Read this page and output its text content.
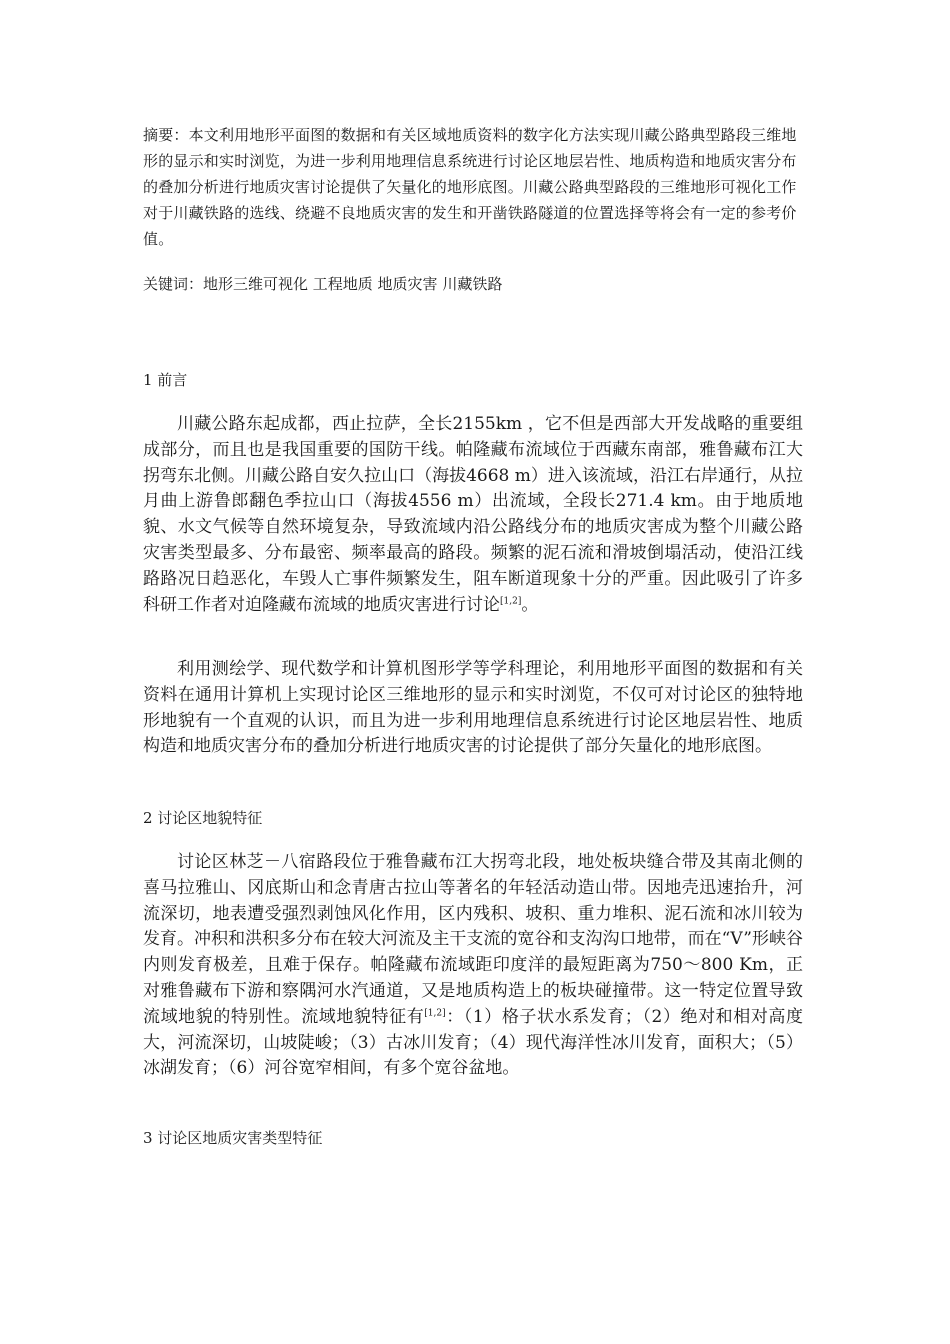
摘要：本文利用地形平面图的数据和有关区域地质资料的数字化方法实现川藏公路典型路段三维地形的显示和实时浏览，为进一步利用地理信息系统进行讨论区地层岩性、地质构造和地质灾害分布的叠加分析进行地质灾害讨论提供了矢量化的地形底图。川藏公路典型路段的三维地形可视化工作对于川藏铁路的选线、绕避不良地质灾害的发生和开凿铁路隧道的位置选择等将会有一定的参考价值。

关键词：地形三维可视化 工程地质 地质灾害 川藏铁路

1 前言

川藏公路东起成都，西止拉萨，全长2155km ，它不但是西部大开发战略的重要组成部分，而且也是我国重要的国防干线。帕隆藏布流域位于西藏东南部，雅鲁藏布江大拐弯东北侧。川藏公路自安久拉山口（海拔4668 m）进入该流域，沿江右岸通行，从拉月曲上游鲁郎翻色季拉山口（海拔4556 m）出流域，全段长271.4 km。由于地质地貌、水文气候等自然环境复杂，导致流域内沿公路线分布的地质灾害成为整个川藏公路灾害类型最多、分布最密、频率最高的路段。频繁的泥石流和滑坡倒塌活动，使沿江线路路况日趋恶化，车毁人亡事件频繁发生，阻车断道现象十分的严重。因此吸引了许多科研工作者对迫隆藏布流域的地质灾害进行讨论[1,2]。

利用测绘学、现代数学和计算机图形学等学科理论，利用地形平面图的数据和有关资料在通用计算机上实现讨论区三维地形的显示和实时浏览，不仅可对讨论区的独特地形地貌有一个直观的认识，而且为进一步利用地理信息系统进行讨论区地层岩性、地质构造和地质灾害分布的叠加分析进行地质灾害的讨论提供了部分矢量化的地形底图。

2 讨论区地貌特征

讨论区林芝－八宿路段位于雅鲁藏布江大拐弯北段，地处板块缝合带及其南北侧的喜马拉雅山、冈底斯山和念青唐古拉山等著名的年轻活动造山带。因地壳迅速抬升，河流深切，地表遭受强烈剥蚀风化作用，区内残积、坡积、重力堆积、泥石流和冰川较为发育。冲积和洪积多分布在较大河流及主干支流的宽谷和支沟沟口地带，而在“V”形峡谷内则发育极差，且难于保存。帕隆藏布流域距印度洋的最短距离为750～800 Km，正对雅鲁藏布下游和察隅河水汽通道，又是地质构造上的板块碰撞带。这一特定位置导致流域地貌的特别性。流域地貌特征有[1,2]：（1）格子状水系发育；（2）绝对和相对高度大，河流深切，山坡陡峻；（3）古冰川发育；（4）现代海洋性冰川发育，面积大；（5）冰湖发育；（6）河谷宽窄相间，有多个宽谷盆地。

3 讨论区地质灾害类型特征
